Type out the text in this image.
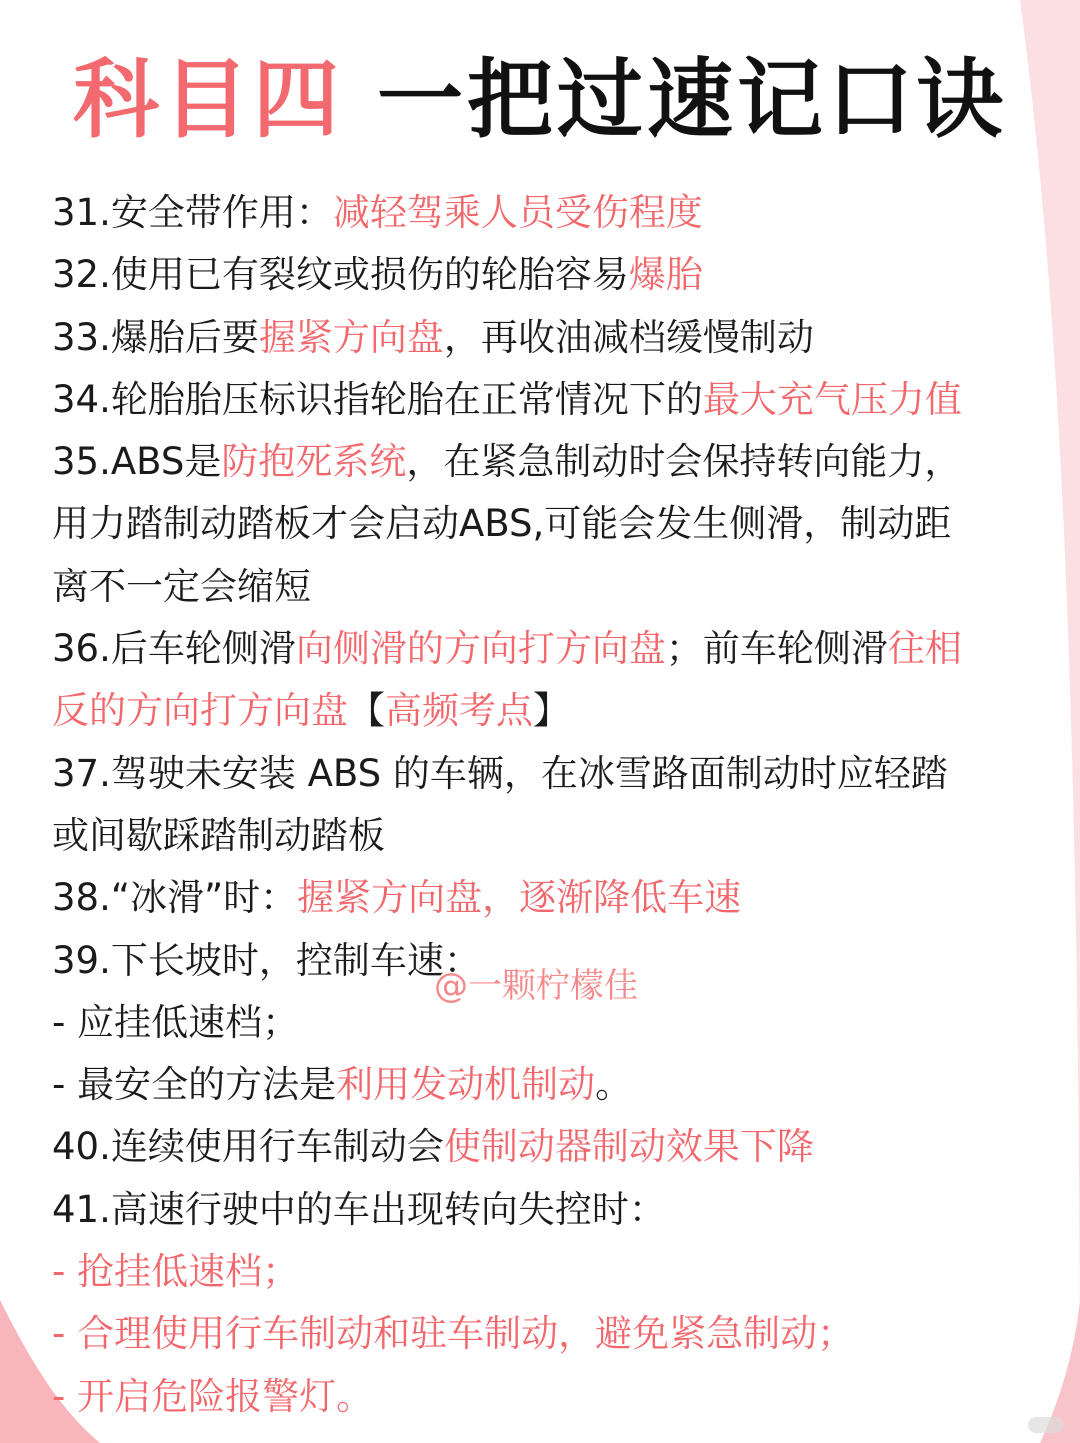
科目四 一把过速记口诀
31.安全带作用：减轻驾乘人员受伤程度
32.使用已有裂纹或损伤的轮胎容易爆胎
33.爆胎后要握紧方向盘，再收油减档缓慢制动
34.轮胎胎压标识指轮胎在正常情况下的最大充气压力值
35.ABS是防抱死系统，在紧急制动时会保持转向能力，
用力踏制动踏板才会启动ABS,可能会发生侧滑，制动距
离不一定会缩短
36.后车轮侧滑向侧滑的方向打方向盘；前车轮侧滑往相
反的方向打方向盘【高频考点】
37.驾驶未安装 ABS 的车辆，在冰雪路面制动时应轻踏
或间歇踩踏制动踏板
38.“冰滑”时：握紧方向盘，逐渐降低车速
39.下长坡时，控制车速：
- 应挂低速档；
- 最安全的方法是利用发动机制动。
40.连续使用行车制动会使制动器制动效果下降
41.高速行驶中的车出现转向失控时：
- 抢挂低速档；
- 合理使用行车制动和驻车制动，避免紧急制动；
- 开启危险报警灯。
@一颗柠檬佳
